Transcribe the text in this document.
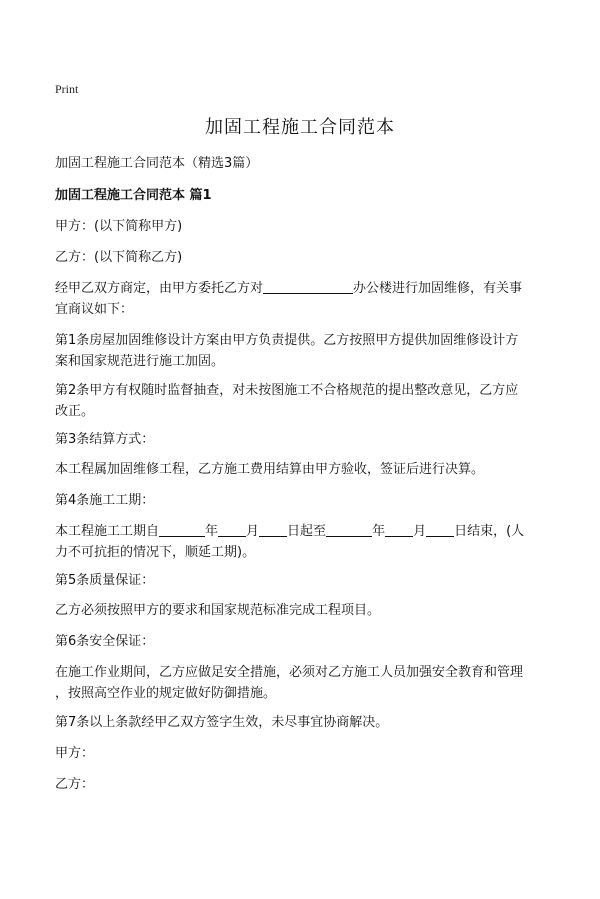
Print
加固工程施工合同范本
加固工程施工合同范本（精选3篇）
加固工程施工合同范本 篇1
甲方：(以下简称甲方)
乙方：(以下简称乙方)
经甲乙双方商定，由甲方委托乙方对	办公楼进行加固维修，有关事
宜商议如下：
第1条房屋加固维修设计方案由甲方负责提供。乙方按照甲方提供加固维修设计方
案和国家规范进行施工加固。
第2条甲方有权随时监督抽查，对未按图施工不合格规范的提出整改意见，乙方应
改正。
第3条结算方式：
本工程属加固维修工程，乙方施工费用结算由甲方验收，签证后进行决算。
第4条施工工期：
本工程施工工期自	年 月 日起至	年 月 日结束，(人
力不可抗拒的情况下，顺延工期)。
第5条质量保证：
乙方必须按照甲方的要求和国家规范标准完成工程项目。
第6条安全保证：
在施工作业期间，乙方应做足安全措施，必须对乙方施工人员加强安全教育和管理
，按照高空作业的规定做好防御措施。
第7条以上条款经甲乙双方签字生效，未尽事宜协商解决。
甲方：
乙方：
